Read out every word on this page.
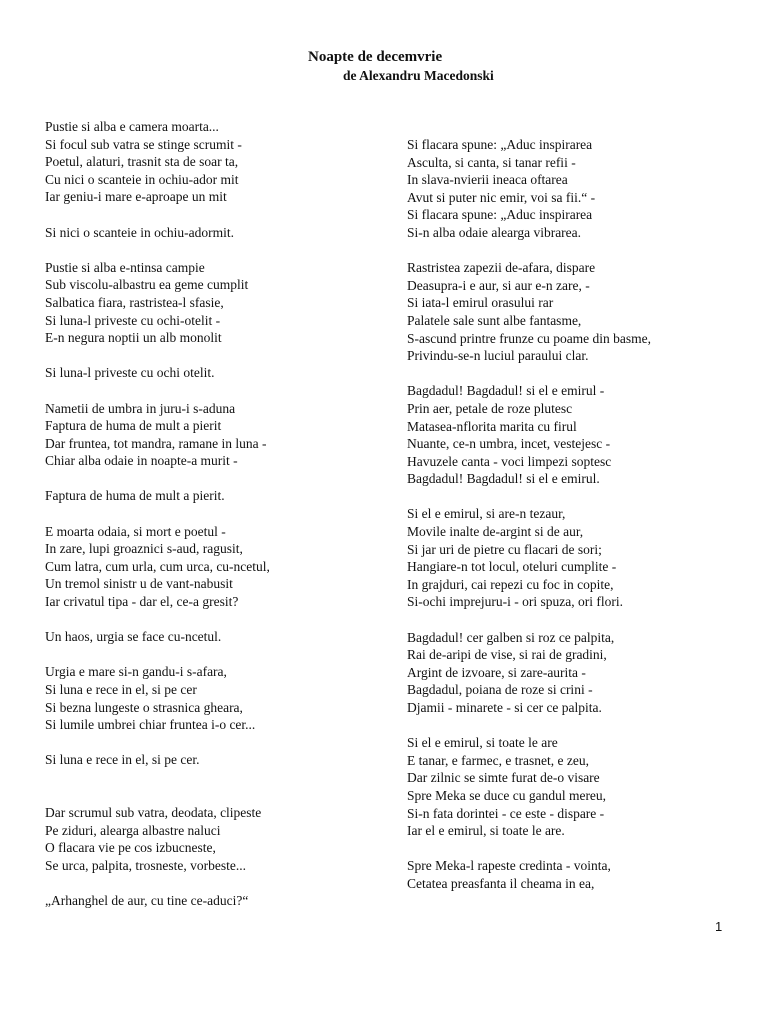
Noapte de decemvrie
de Alexandru Macedonski
Pustie si alba e camera moarta...
Si focul sub vatra se stinge scrumit -
Poetul, alaturi, trasnit sta de soar ta,
Cu nici o scanteie in ochiu-ador mit
Iar geniu-i mare e-aproape un mit
Si nici o scanteie in ochiu-adormit.
Pustie si alba e-ntinsa campie
Sub viscolu-albastru ea geme cumplit
Salbatica fiara, rastristea-l sfasie,
Si luna-l priveste cu ochi-otelit -
E-n negura noptii un alb monolit
Si luna-l priveste cu ochi otelit.
Nametii de umbra in juru-i s-aduna
Faptura de huma de mult a pierit
Dar fruntea, tot mandra, ramane in luna -
Chiar alba odaie in noapte-a murit -
Faptura de huma de mult a pierit.
E moarta odaia, si mort e poetul -
In zare, lupi groaznici s-aud, ragusit,
Cum latra, cum urla, cum urca, cu-ncetul,
Un tremol sinistr u de vant-nabusit
Iar crivatul tipa - dar el, ce-a gresit?
Un haos, urgia se face cu-ncetul.
Urgia e mare si-n gandu-i s-afara,
Si luna e rece in el, si pe cer
Si bezna lungeste o strasnica gheara,
Si lumile umbrei chiar fruntea i-o cer...
Si luna e rece in el, si pe cer.
Dar scrumul sub vatra, deodata, clipeste
Pe ziduri, alearga albastre naluci
O flacara vie pe cos izbucneste,
Se urca, palpita, trosneste, vorbeste...
„Arhanghel de aur, cu tine ce-aduci?“
Si flacara spune: „Aduc inspirarea
Asculta, si canta, si tanar refii -
In slava-nvierii ineaca oftarea
Avut si puter nic emir, voi sa fii.“ -
Si flacara spune: „Aduc inspirarea
Si-n alba odaie alearga vibrarea.
Rastristea zapezii de-afara, dispare
Deasupra-i e aur, si aur e-n zare, -
Si iata-l emirul orasului rar
Palatele sale sunt albe fantasme,
S-ascund printre frunze cu poame din basme,
Privindu-se-n luciul paraului clar.
Bagdadul! Bagdadul! si el e emirul -
Prin aer, petale de roze plutesc
Matasea-nflorita marita cu firul
Nuante, ce-n umbra, incet, vestejesc -
Havuzele canta - voci limpezi soptesc
Bagdadul! Bagdadul! si el e emirul.
Si el e emirul, si are-n tezaur,
Movile inalte de-argint si de aur,
Si jar uri de pietre cu flacari de sori;
Hangiare-n tot locul, oteluri cumplite -
In grajduri, cai repezi cu foc in copite,
Si-ochi imprejuru-i - ori spuza, ori flori.
Bagdadul! cer galben si roz ce palpita,
Rai de-aripi de vise, si rai de gradini,
Argint de izvoare, si zare-aurita -
Bagdadul, poiana de roze si crini -
Djamii - minarete - si cer ce palpita.
Si el e emirul, si toate le are
E tanar, e farmec, e trasnet, e zeu,
Dar zilnic se simte furat de-o visare
Spre Meka se duce cu gandul mereu,
Si-n fata dorintei - ce este - dispare -
Iar el e emirul, si toate le are.
Spre Meka-l rapeste credinta - vointa,
Cetatea preasfanta il cheama in ea,
1
